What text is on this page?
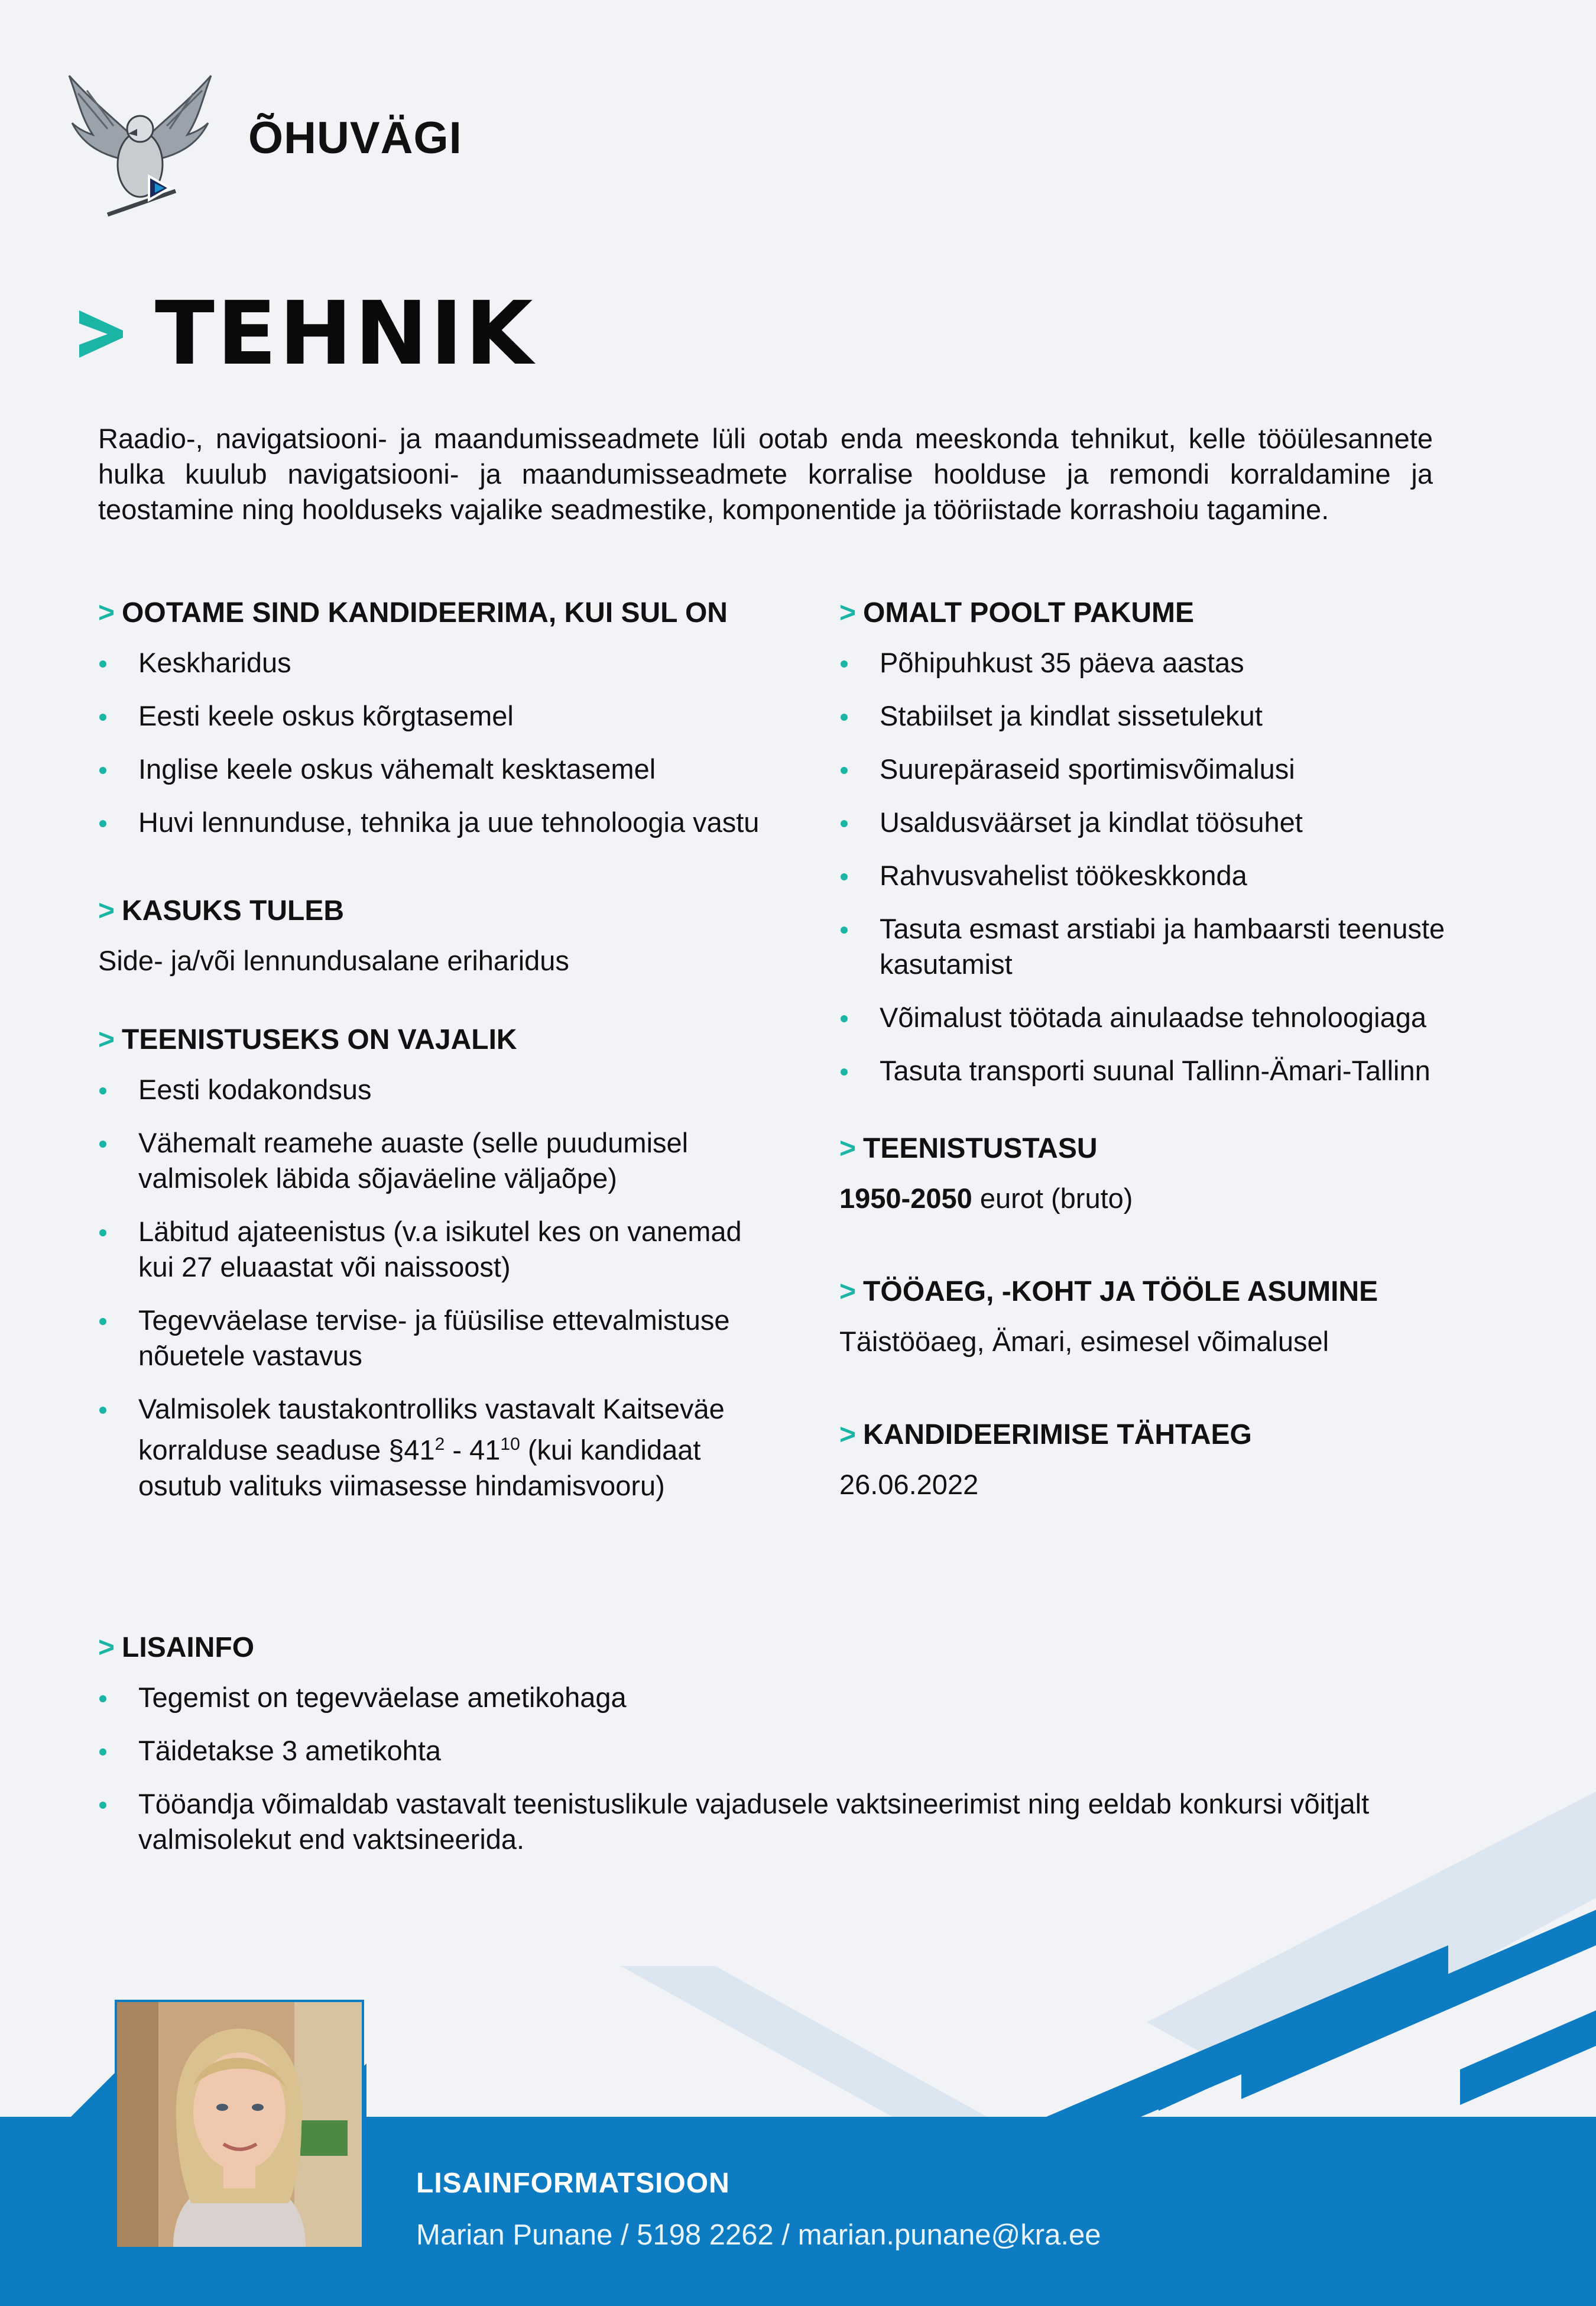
ÕHUVÄGI
TEHNIK

Raadio-, navigatsiooni- ja maandumisseadmete lüli ootab enda meeskonda tehnikut, kelle tööülesannete hulka kuulub navigatsiooni- ja maandumisseadmete korralise hoolduse ja remondi korraldamine ja teostamine ning hoolduseks vajalike seadmestike, komponentide ja tööriistade korrashoiu tagamine.

> OOTAME SIND KANDIDEERIMA, KUI SUL ON
Keskharidus
Eesti keele oskus kõrgtasemel
Inglise keele oskus vähemalt kesktasemel
Huvi lennunduse, tehnika ja uue tehnoloogia vastu
> KASUKS TULEB

Side- ja/või lennundusalane eriharidus

> TEENISTUSEKS ON VAJALIK
Eesti kodakondsus
Vähemalt reamehe auaste (selle puudumisel valmisolek läbida sõjaväeline väljaõpe)
Läbitud ajateenistus (v.a isikutel kes on vanemad kui 27 eluaastat või naissoost)
Tegevväelase tervise- ja füüsilise ettevalmistuse nõuetele vastavus
Valmisolek taustakontrolliks vastavalt Kaitseväe korralduse seaduse $\S 41^2 - 41^{10}$ (kui kandidaat osutub valituks viimasesse hindamisvooru)
> OMALT POOLT PAKUME
Põhipuhkust 35 päeva aastas
Stabiilset ja kindlat sissetulekut
Suurepäraseid sportimisvõimalusi
Usaldusväärset ja kindlat töösuhet
Rahvusvahelist töökeskkonda
Tasuta esmast arstiabi ja hambaarsti teenuste kasutamist
Võimalust töötada ainulaadse tehnoloogiaga
Tasuta transporti suunal Tallinn-Ämari-Tallinn
> TEENISTUSTASU

1950-2050 eurot (bruto)

> TÖÖAEG, -KOHT JA TÖÖLE ASUMINE

Täistööaeg, Ämari, esimesel võimalusel

> KANDIDEERIMISE TÄHTAEG

26.06.2022

> LISAINFO
Tegemist on tegevväelase ametikohaga
Täidetakse 3 ametikohta
Tööandja võimaldab vastavalt teenistuslikule vajadusele vaktsineerimist ning eeldab konkursi võitjalt valmisolekut end vaktsineerida.
LISAINFORMATSIOON
Marian Punane / 5198 2262 / marian.punane@kra.ee
